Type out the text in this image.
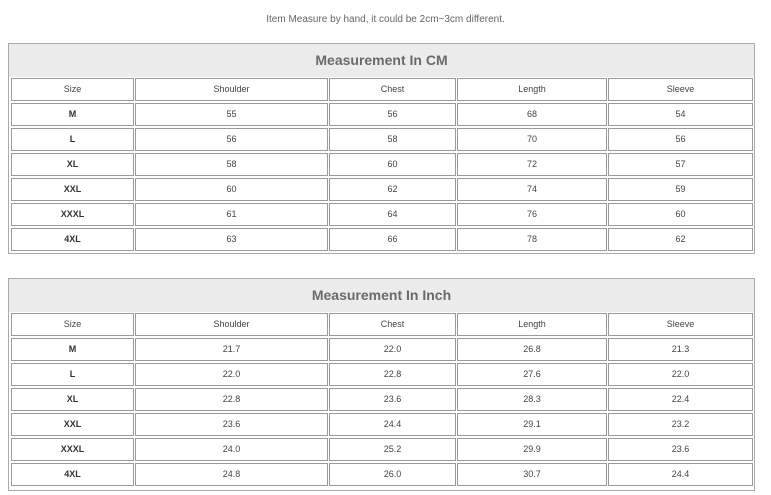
Item Measure by hand, it could be 2cm~3cm different.
Measurement In CM
Size	Shoulder	Chest	Length	Sleeve
M	55	56	68	54
L	56	58	70	56
XL	58	60	72	57
XXL	60	62	74	59
XXXL	61	64	76	60
4XL	63	66	78	62
Measurement In Inch
Size	Shoulder	Chest	Length	Sleeve
M	21.7	22.0	26.8	21.3
L	22.0	22.8	27.6	22.0
XL	22.8	23.6	28.3	22.4
XXL	23.6	24.4	29.1	23.2
XXXL	24.0	25.2	29.9	23.6
4XL	24.8	26.0	30.7	24.4
